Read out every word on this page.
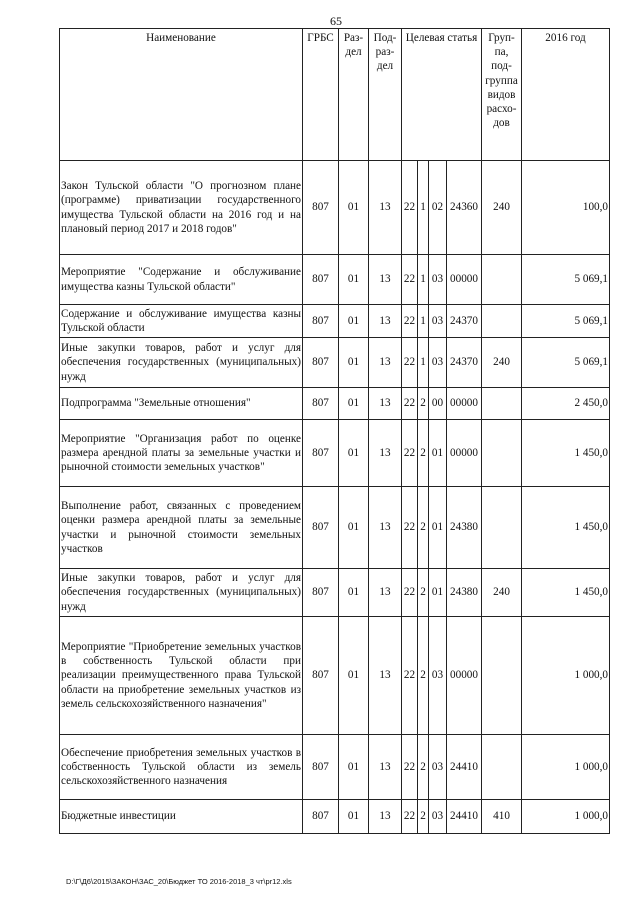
65
Наименование	ГРБС	Раз-дел	Под-раз-дел	Целевая статья				Груп-па, под-группа видов расхо-дов	2016 год
Закон Тульской области "О прогнозном плане (программе) приватизации государственного имущества Тульской области на 2016 год и на плановый период 2017 и 2018 годов"	807	01	13	22	1	02	24360	240	100,0
Мероприятие "Содержание и обслуживание имущества казны Тульской области"	807	01	13	22	1	03	00000		5 069,1
Содержание и обслуживание имущества казны Тульской области	807	01	13	22	1	03	24370		5 069,1
Иные закупки товаров, работ и услуг для обеспечения государственных (муниципальных) нужд	807	01	13	22	1	03	24370	240	5 069,1
Подпрограмма "Земельные отношения"	807	01	13	22	2	00	00000		2 450,0
Мероприятие "Организация работ по оценке размера арендной платы за земельные участки и рыночной стоимости земельных участков"	807	01	13	22	2	01	00000		1 450,0
Выполнение работ, связанных с проведением оценки размера арендной платы за земельные участки и рыночной стоимости земельных участков	807	01	13	22	2	01	24380		1 450,0
Иные закупки товаров, работ и услуг для обеспечения государственных (муниципальных) нужд	807	01	13	22	2	01	24380	240	1 450,0
Мероприятие "Приобретение земельных участков в собственность Тульской области при реализации преимущественного права Тульской области на приобретение земельных участков из земель сельскохозяйственного назначения"	807	01	13	22	2	03	00000		1 000,0
Обеспечение приобретения земельных участков в собственность Тульской области из земель сельскохозяйственного назначения	807	01	13	22	2	03	24410		1 000,0
Бюджетные инвестиции	807	01	13	22	2	03	24410	410	1 000,0
D:\Г\Д6\2015\ЗАКОН\ЗАС_20\Бюджет ТО 2016-2018_3 чт\pr12.xls
